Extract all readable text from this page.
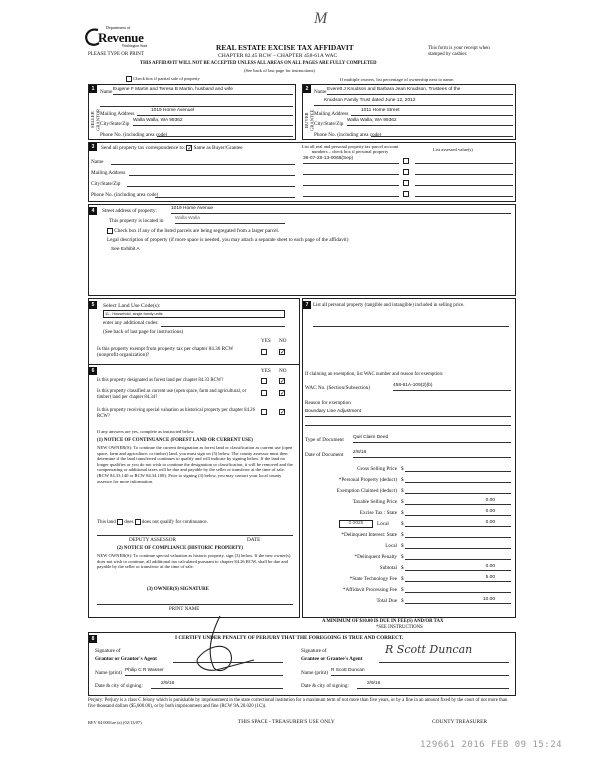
Department of
Revenue
Washington State
M
PLEASE TYPE OR PRINT
REAL ESTATE EXCISE TAX AFFIDAVIT
CHAPTER 82.45 RCW – CHAPTER 458-61A WAC
THIS AFFIDAVIT WILL NOT BE ACCEPTED UNLESS ALL AREAS ON ALL PAGES ARE FULLY COMPLETED
(See back of last page for instructions)
This form is your receipt when stamped by cashier.
Check box if partial sale of property	If multiple owners, list percentage of ownership next to name.
1
SELLER GRANTOR
Name Eugene F Martin and Teresa B Martin, husband and wife
Mailing Address
1019 Home Avenuel
City/State/Zip
Walla Walla, WA 99362
Phone No. (including area code)
2
BUYER GRANTEE
Name Everett J Knudson and Barbara Jean Knudson, Trustees of the
Knudson Family Trust dated June 12, 2012
Mailing Address
1011 Home Street
City/State/Zip
Walla Walla, WA 99362
Phone No. (including area code)
3	Send all property tax correspondence to: ✓ Same as Buyer/Grantee
Name
Mailing Address
City/State/Zip
Phone No. (including area code)
List all real and personal property tax parcel account numbers – check box if personal property	List assessed value(s)
36-07-28-13-0068(Sep)
4	Street address of property:	1019 Home Avenue
This property is located in Walla Walla
Check box if any of the listed parcels are being segregated from a larger parcel.
Legal description of property (if more space is needed, you may attach a separate sheet to each page of the affidavit)
See Exhibit A
5	Select Land Use Code(s):
11 - Household, single family units
enter any additional codes:
(See back of last page for instructions)
YES NO
Is this property exempt from property tax per chapter 84.36 RCW (nonprofit organization)?
✓
6	YES NO
Is this property designated as forest land per chapter 84.33 RCW?
✓
Is this property classified as current use (open space, farm and agricultural, or timber) land per chapter 84.34?
✓
Is this property receiving special valuation as historical property per chapter 84.26 RCW?
✓
If any answers are yes, complete as instructed below.
(1) NOTICE OF CONTINUANCE (FOREST LAND OR CURRENT USE)
NEW OWNER(S): To continue the current designation as forest land or classification as current use (open space, farm and agriculture, or timber) land, you must sign on (3) below. The county assessor must then determine if the land transferred continues to qualify and will indicate by signing below. If the land no longer qualifies or you do not wish to continue the designation or classification, it will be removed and the compensating or additional taxes will be due and payable by the seller or transferor at the time of sale. (RCW 84.33.140 or RCW 84.34.108). Prior to signing (3) below, you may contact your local county assessor for more information.
This land does does not qualify for continuance.
DEPUTY ASSESSOR	DATE
(2) NOTICE OF COMPLIANCE (HISTORIC PROPERTY)
NEW OWNER(S): To continue special valuation as historic property, sign (3) below. If the new owner(s) does not wish to continue, all additional tax calculated pursuant to chapter 84.26 RCW, shall be due and payable by the seller or transferor at the time of sale.
(3) OWNER(S) SIGNATURE
PRINT NAME
7 List all personal property (tangible and intangible) included in selling price.
If claiming an exemption, list WAC number and reason for exemption:
WAC No. (Section/Subsection)	458-61A-109(2)(b)
Reason for exemption
Boundary Line Adjustment
Type of Document Quit Claim Deed
Date of Document 2/8/16
Gross Selling Price $
*Personal Property (deduct) $
Exemption Claimed (deduct) $
Taxable Selling Price $	0.00
Excise Tax : State $	0.00
0.0025	Local $	0.00
*Delinquent Interest: State $
Local $
*Delinquent Penalty $
Subtotal $	0.00
*State Technology Fee $	5.00
*Affidavit Processing Fee $
Total Due $	10.00
A MINIMUM OF $10.00 IS DUE IN FEE(S) AND/OR TAX
*SEE INSTRUCTIONS
8	I CERTIFY UNDER PENALTY OF PERJURY THAT THE FOREGOING IS TRUE AND CORRECT.
Signature of
Grantor or Grantor's Agent
Name (print) Philip C R Wasser
Date & city of signing:	2/9/16
Signature of
Grantee or Grantee's Agent
R Scott Duncan
Name (print) R Scott Duncan
Date & city of signing:	2/9/16
Perjury: Perjury is a class C felony which is punishable by imprisonment in the state correctional institution for a maximum term of not more than five years, or by a fine in an amount fixed by the court of not more than five thousand dollars ($5,000.00), or by both imprisonment and fine (RCW 9A.20.020 (1C)).
REV 84 0001ae (a) (02/13/07)	THIS SPACE - TREASURER'S USE ONLY	COUNTY TREASURER
129661 2016 FEB 09 15:24
